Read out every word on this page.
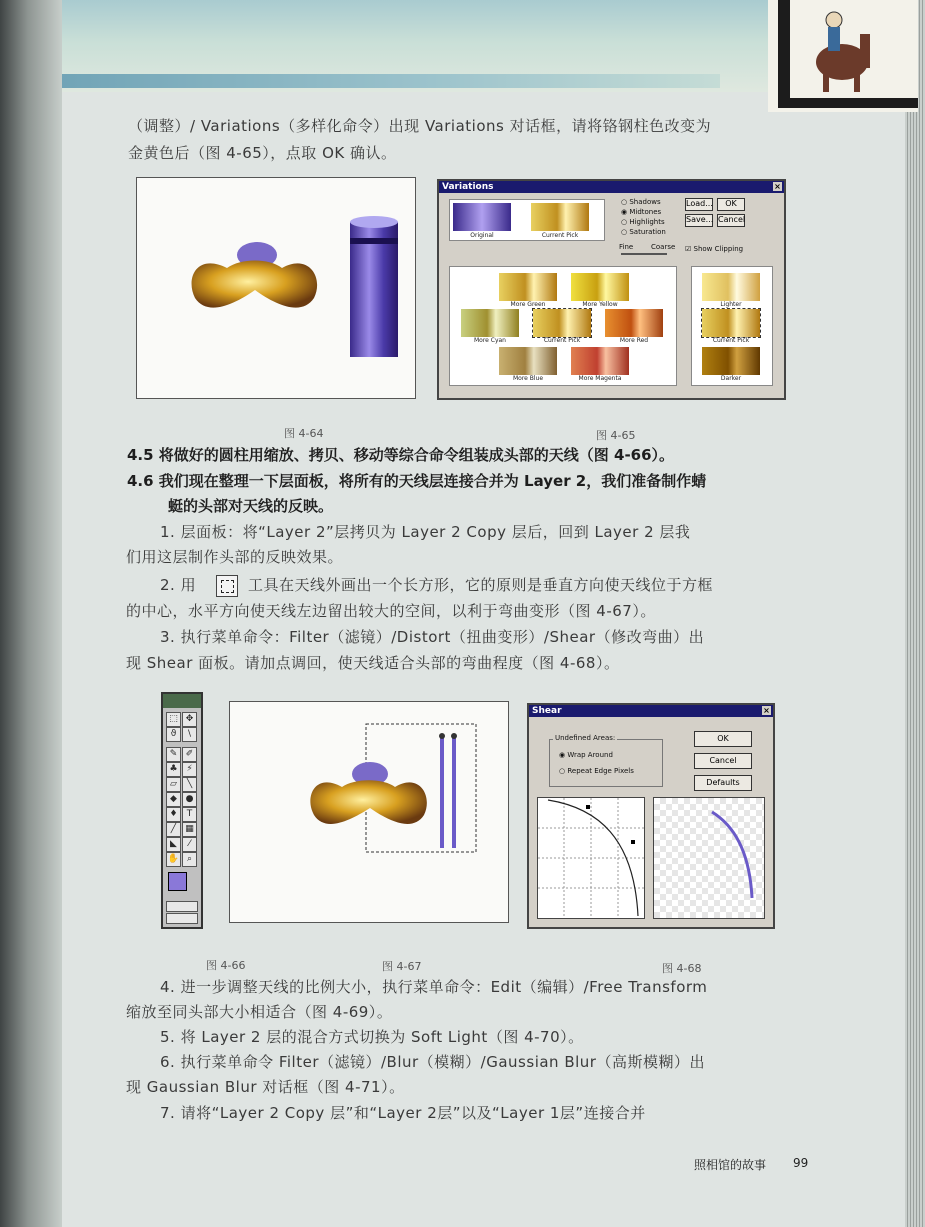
（调整）/ Variations（多样化命令）出现 Variations 对话框，请将铬钢柱色改变为
金黄色后（图 4-65），点取 OK 确认。
Variations	×
Original	Current Pick
○ Shadows
◉ Midtones
○ Highlights
○ Saturation
Fine	Coarse
Load...	OK
Save... Cancel
☑ Show Clipping
More Green	More Yellow
More Cyan	Current Pick	More Red
More Blue	More Magenta
Lighter
Current Pick
Darker
图 4-64	图 4-65
4.5 将做好的圆柱用缩放、拷贝、移动等综合命令组装成头部的天线（图 4-66）。
4.6 我们现在整理一下层面板，将所有的天线层连接合并为 Layer 2，我们准备制作蜻
蜓的头部对天线的反映。
1. 层面板：将“Layer 2”层拷贝为 Layer 2 Copy 层后，回到 Layer 2 层我
们用这层制作头部的反映效果。
2. 用	工具在天线外画出一个长方形，它的原则是垂直方向使天线位于方框
的中心，水平方向使天线左边留出较大的空间，以利于弯曲变形（图 4-67）。
3. 执行菜单命令：Filter（滤镜）/Distort（扭曲变形）/Shear（修改弯曲）出
现 Shear 面板。请加点调回，使天线适合头部的弯曲程度（图 4-68）。
⬚ ✥
ϑ	\
✎ ✐
♣ ⚡
▱	╲
◆ ●
♦	T
╱	▦
◣	⁄
✋ ⌕
Shear	×
Undefined Areas:
◉ Wrap Around
○ Repeat Edge Pixels
OK
Cancel
Defaults
图 4-66	图 4-67	图 4-68
4. 进一步调整天线的比例大小，执行菜单命令：Edit（编辑）/Free Transform
缩放至同头部大小相适合（图 4-69）。
5. 将 Layer 2 层的混合方式切换为 Soft Light（图 4-70）。
6. 执行菜单命令 Filter（滤镜）/Blur（模糊）/Gaussian Blur（高斯模糊）出
现 Gaussian Blur 对话框（图 4-71）。
7. 请将“Layer 2 Copy 层”和“Layer 2层”以及“Layer 1层”连接合并
照相馆的故事 99
